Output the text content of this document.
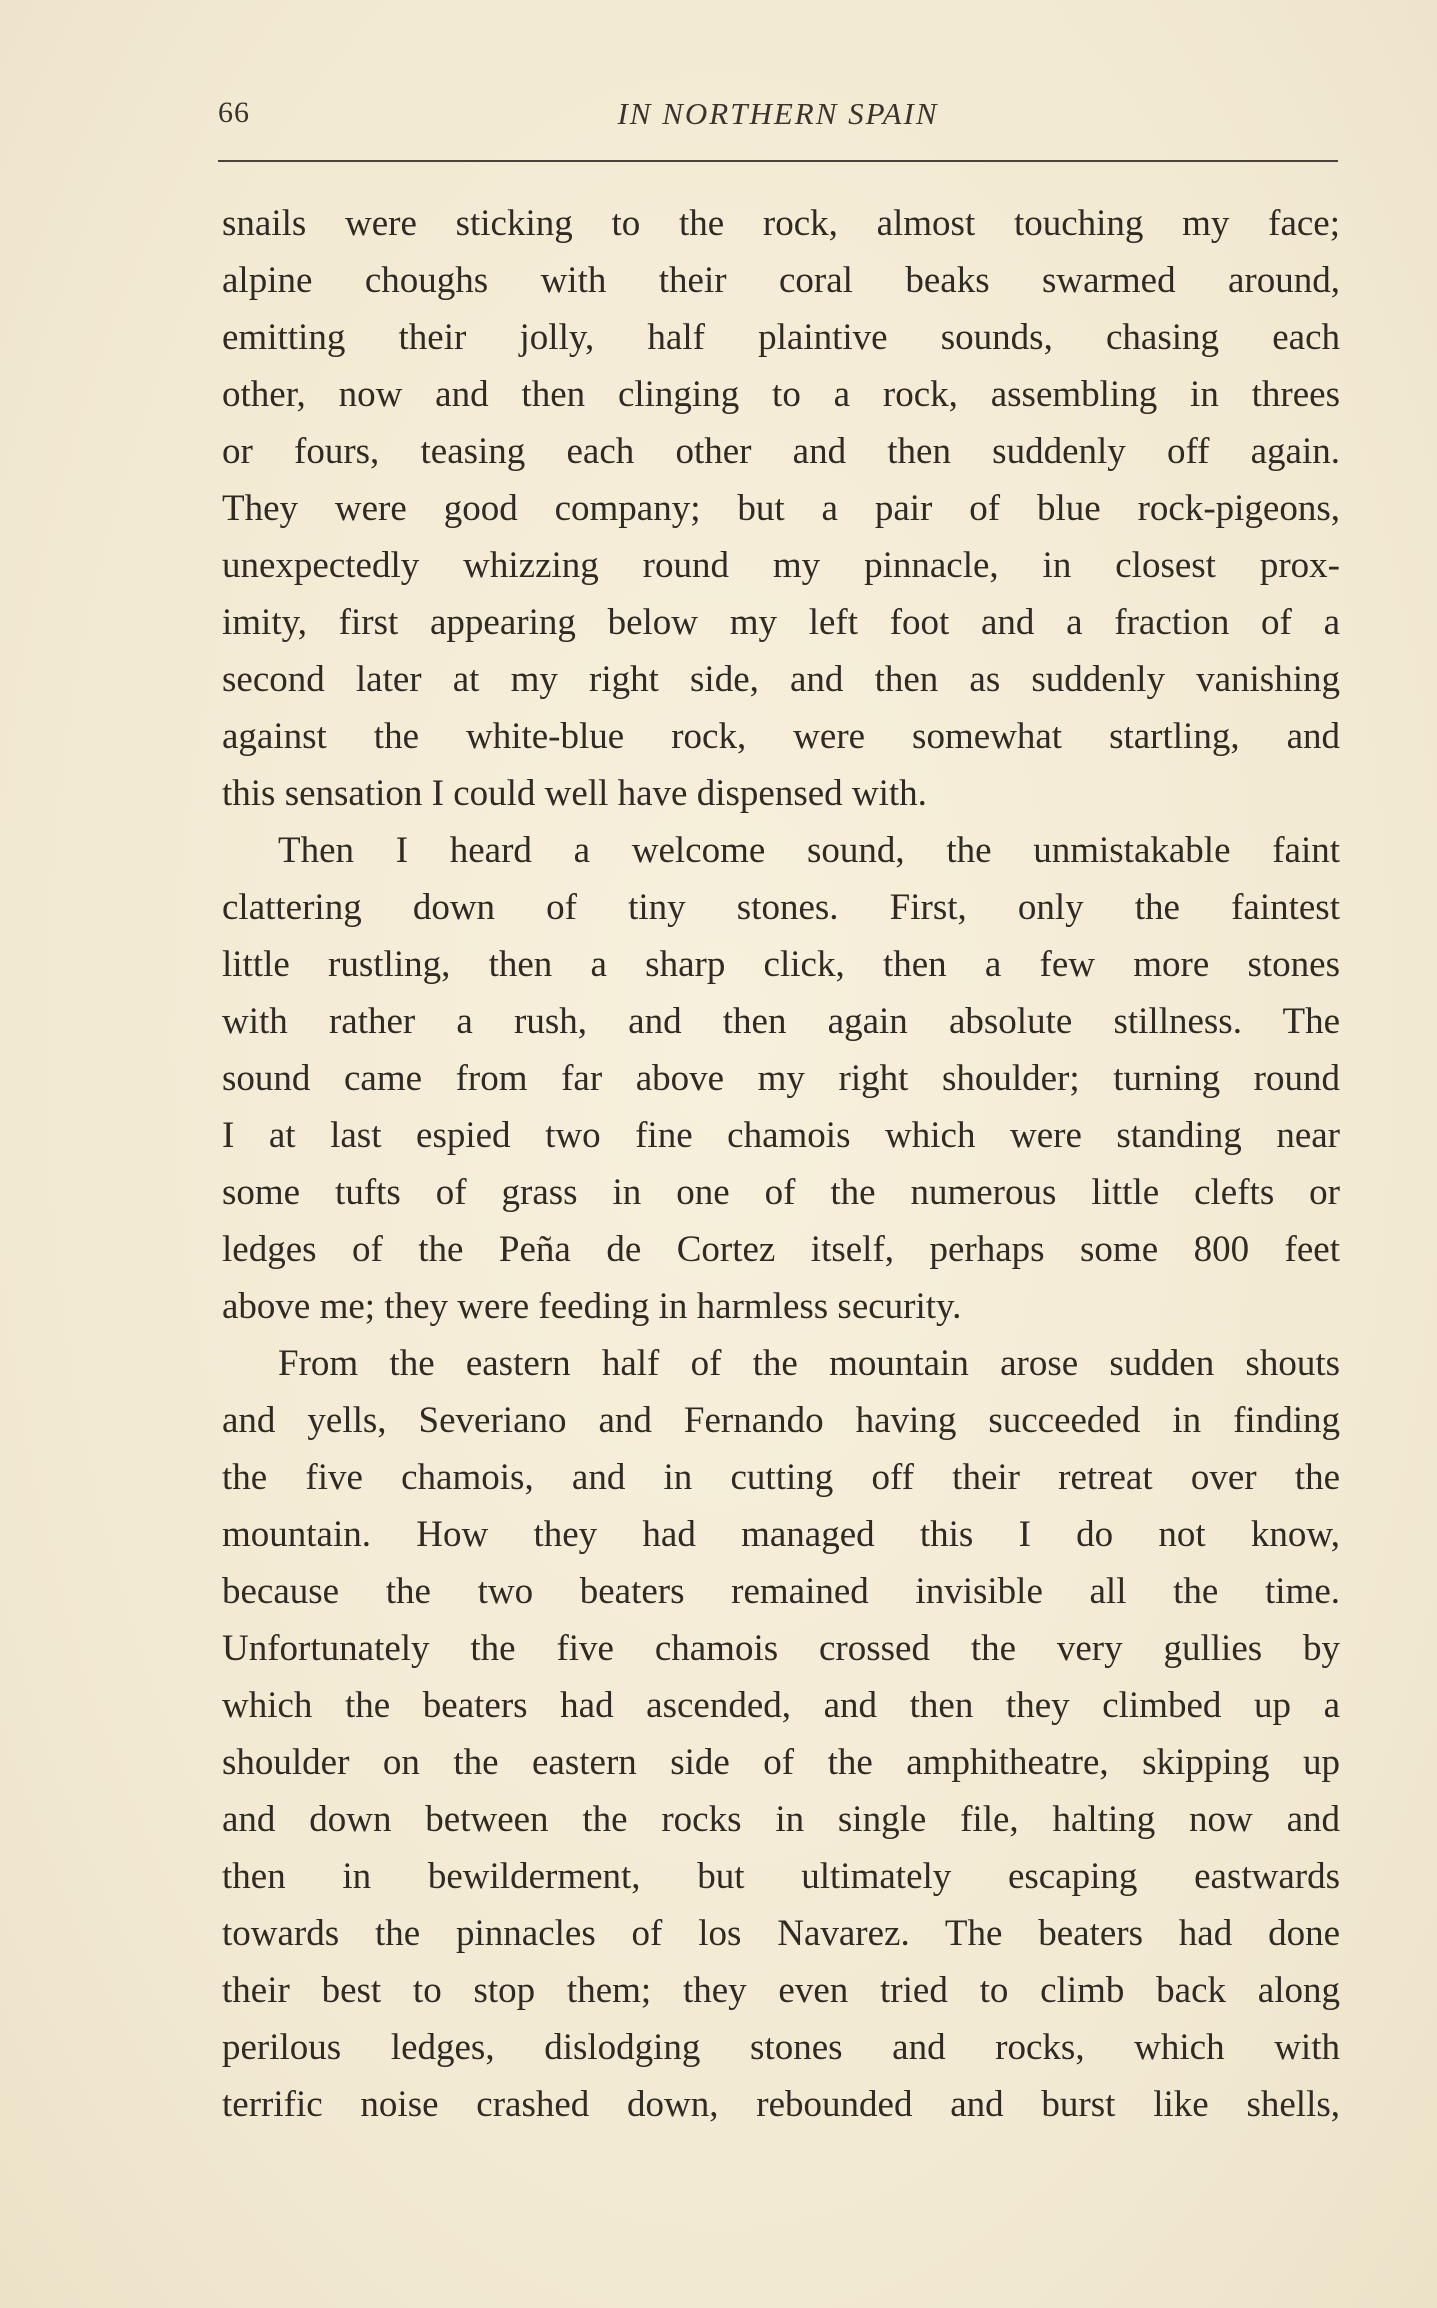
66	IN NORTHERN SPAIN
snails were sticking to the rock, almost touching my face;
alpine choughs with their coral beaks swarmed around,
emitting their jolly, half plaintive sounds, chasing each
other, now and then clinging to a rock, assembling in threes
or fours, teasing each other and then suddenly off again.
They were good company; but a pair of blue rock-pigeons,
unexpectedly whizzing round my pinnacle, in closest prox-
imity, first appearing below my left foot and a fraction of a
second later at my right side, and then as suddenly vanishing
against the white-blue rock, were somewhat startling, and
this sensation I could well have dispensed with.
Then I heard a welcome sound, the unmistakable faint
clattering down of tiny stones. First, only the faintest
little rustling, then a sharp click, then a few more stones
with rather a rush, and then again absolute stillness. The
sound came from far above my right shoulder; turning round
I at last espied two fine chamois which were standing near
some tufts of grass in one of the numerous little clefts or
ledges of the Peña de Cortez itself, perhaps some 800 feet
above me; they were feeding in harmless security.
From the eastern half of the mountain arose sudden shouts
and yells, Severiano and Fernando having succeeded in finding
the five chamois, and in cutting off their retreat over the
mountain. How they had managed this I do not know,
because the two beaters remained invisible all the time.
Unfortunately the five chamois crossed the very gullies by
which the beaters had ascended, and then they climbed up a
shoulder on the eastern side of the amphitheatre, skipping up
and down between the rocks in single file, halting now and
then in bewilderment, but ultimately escaping eastwards
towards the pinnacles of los Navarez. The beaters had done
their best to stop them; they even tried to climb back along
perilous ledges, dislodging stones and rocks, which with
terrific noise crashed down, rebounded and burst like shells,
